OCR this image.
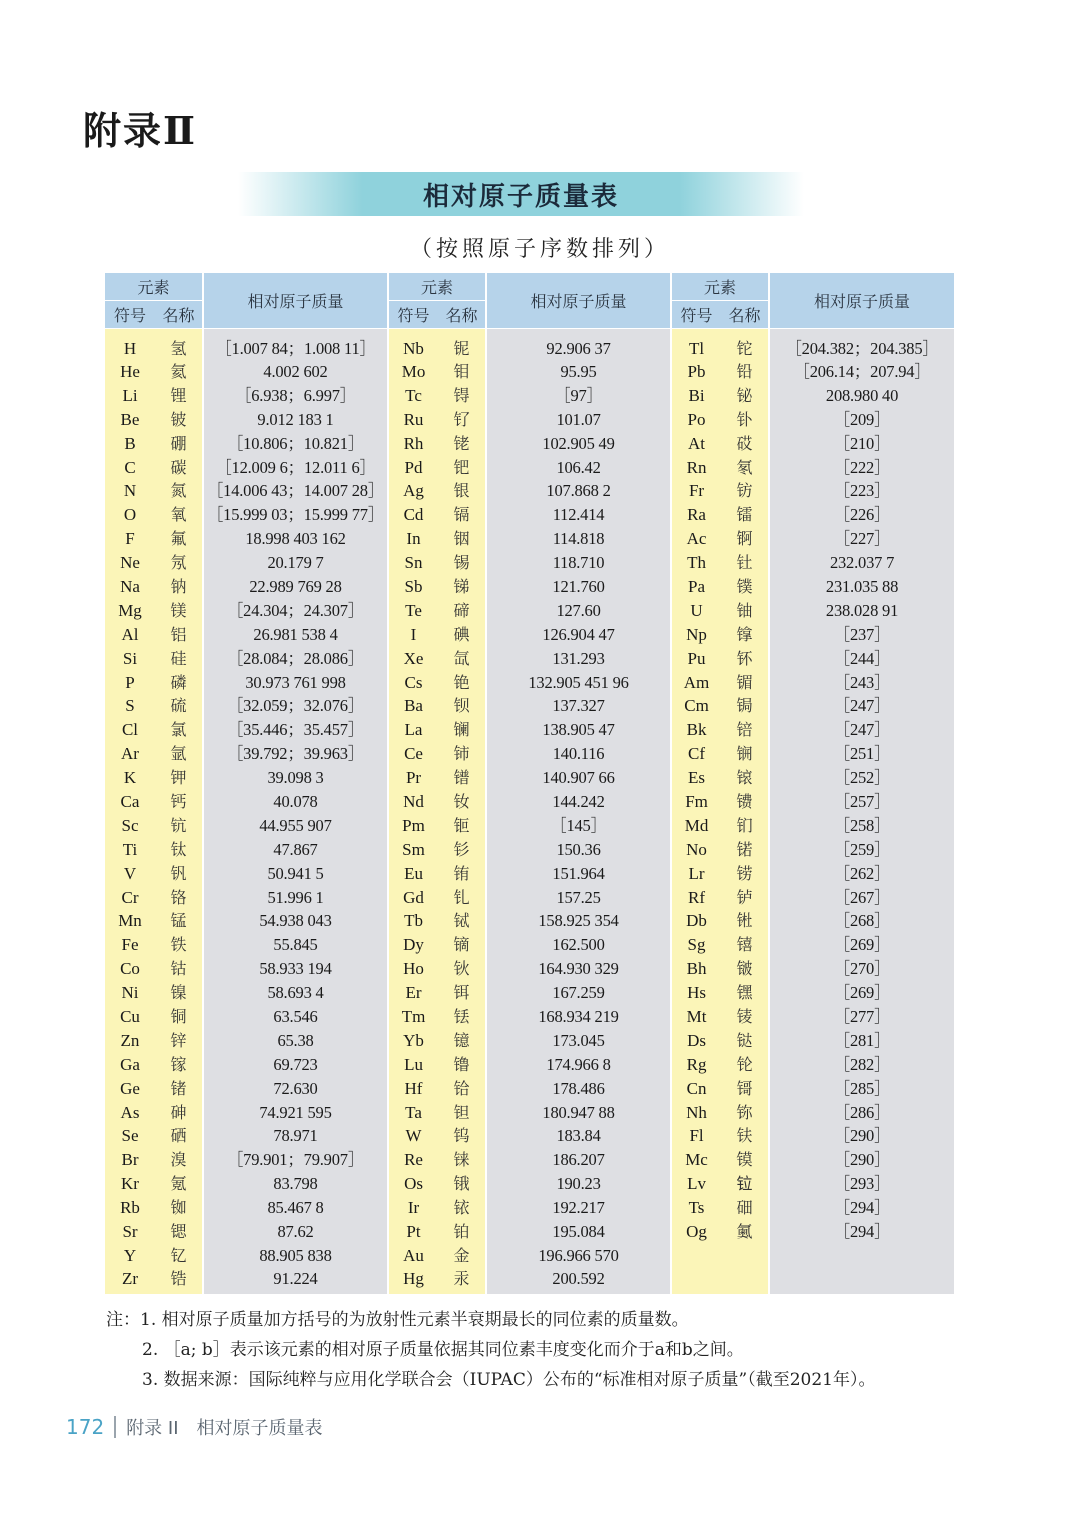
附录Ⅱ
相对原子质量表
（按照原子序数排列）
元素		相对原子质量	元素		相对原子质量	元素		相对原子质量
符号	名称		符号	名称		符号	名称	
H	氢	［1.007 84；1.008 11］	Nb	铌	92.906 37	Tl	铊	［204.382；204.385］
He	氦	4.002 602	Mo	钼	95.95	Pb	铅	［206.14；207.94］
Li	锂	［6.938；6.997］	Tc	锝	［97］	Bi	铋	208.980 40
Be	铍	9.012 183 1	Ru	钌	101.07	Po	钋	［209］
B	硼	［10.806；10.821］	Rh	铑	102.905 49	At	砹	［210］
C	碳	［12.009 6；12.011 6］	Pd	钯	106.42	Rn	氡	［222］
N	氮	［14.006 43；14.007 28］	Ag	银	107.868 2	Fr	钫	［223］
O	氧	［15.999 03；15.999 77］	Cd	镉	112.414	Ra	镭	［226］
F	氟	18.998 403 162	In	铟	114.818	Ac	锕	［227］
Ne	氖	20.179 7	Sn	锡	118.710	Th	钍	232.037 7
Na	钠	22.989 769 28	Sb	锑	121.760	Pa	镤	231.035 88
Mg	镁	［24.304；24.307］	Te	碲	127.60	U	铀	238.028 91
Al	铝	26.981 538 4	I	碘	126.904 47	Np	镎	［237］
Si	硅	［28.084；28.086］	Xe	氙	131.293	Pu	钚	［244］
P	磷	30.973 761 998	Cs	铯	132.905 451 96	Am	镅	［243］
S	硫	［32.059；32.076］	Ba	钡	137.327	Cm	锔	［247］
Cl	氯	［35.446；35.457］	La	镧	138.905 47	Bk	锫	［247］
Ar	氩	［39.792；39.963］	Ce	铈	140.116	Cf	锎	［251］
K	钾	39.098 3	Pr	镨	140.907 66	Es	锿	［252］
Ca	钙	40.078	Nd	钕	144.242	Fm	镄	［257］
Sc	钪	44.955 907	Pm	钷	［145］	Md	钔	［258］
Ti	钛	47.867	Sm	钐	150.36	No	锘	［259］
V	钒	50.941 5	Eu	铕	151.964	Lr	铹	［262］
Cr	铬	51.996 1	Gd	钆	157.25	Rf	𬬻	［267］
Mn	锰	54.938 043	Tb	铽	158.925 354	Db	𬭊	［268］
Fe	铁	55.845	Dy	镝	162.500	Sg	𬭳	［269］
Co	钴	58.933 194	Ho	钬	164.930 329	Bh	𬭛	［270］
Ni	镍	58.693 4	Er	铒	167.259	Hs	𬭶	［269］
Cu	铜	63.546	Tm	铥	168.934 219	Mt	鿏	［277］
Zn	锌	65.38	Yb	镱	173.045	Ds	𫟼	［281］
Ga	镓	69.723	Lu	镥	174.966 8	Rg	𬬭	［282］
Ge	锗	72.630	Hf	铪	178.486	Cn	鿔	［285］
As	砷	74.921 595	Ta	钽	180.947 88	Nh	鿭	［286］
Se	硒	78.971	W	钨	183.84	Fl	𫓧	［290］
Br	溴	［79.901；79.907］	Re	铼	186.207	Mc	镆	［290］
Kr	氪	83.798	Os	锇	190.23	Lv	𫟷	［293］
Rb	铷	85.467 8	Ir	铱	192.217	Ts	鿬	［294］
Sr	锶	87.62	Pt	铂	195.084	Og	鿫	［294］
Y	钇	88.905 838	Au	金	196.966 570			
Zr	锆	91.224	Hg	汞	200.592			

注：1. 相对原子质量加方括号的为放射性元素半衰期最长的同位素的质量数。

2. ［a; b］表示该元素的相对原子质量依据其同位素丰度变化而介于a和b之间。

3. 数据来源：国际纯粹与应用化学联合会（IUPAC）公布的“标准相对原子质量”（截至2021年）。

172 附录 II 相对原子质量表
